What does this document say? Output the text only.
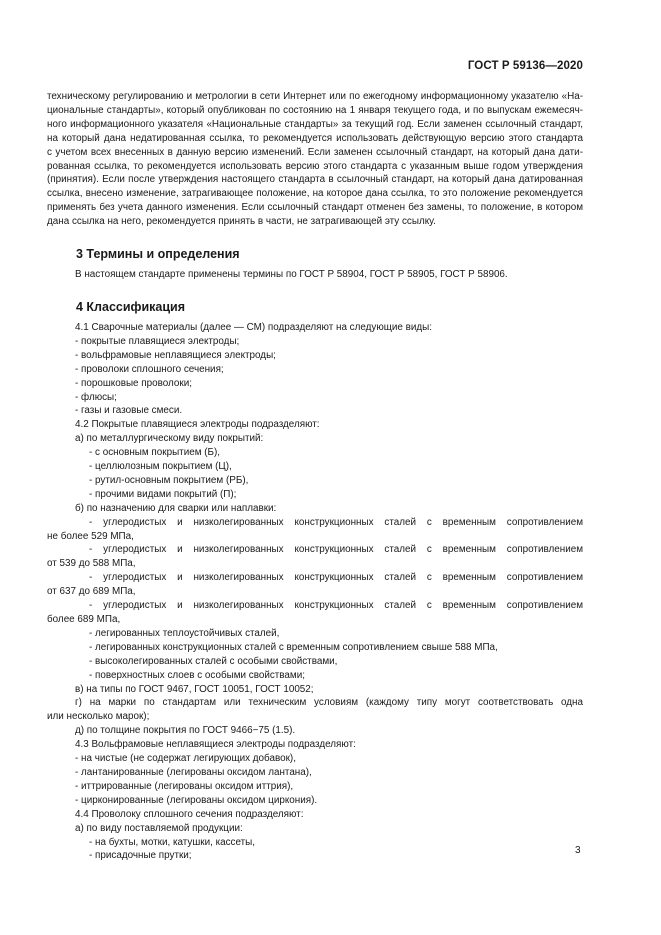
ГОСТ Р 59136—2020

техническому регулированию и метрологии в сети Интернет или по ежегодному информационному указателю «На-

циональные стандарты», который опубликован по состоянию на 1 января текущего года, и по выпускам ежемесяч-

ного информационного указателя «Национальные стандарты» за текущий год. Если заменен ссылочный стандарт,

на который дана недатированная ссылка, то рекомендуется использовать действующую версию этого стандарта

с учетом всех внесенных в данную версию изменений. Если заменен ссылочный стандарт, на который дана дати-

рованная ссылка, то рекомендуется использовать версию этого стандарта с указанным выше годом утверждения

(принятия). Если после утверждения настоящего стандарта в ссылочный стандарт, на который дана датированная

ссылка, внесено изменение, затрагивающее положение, на которое дана ссылка, то это положение рекомендуется

применять без учета данного изменения. Если ссылочный стандарт отменен без замены, то положение, в котором

дана ссылка на него, рекомендуется принять в части, не затрагивающей эту ссылку.

3 Термины и определения

В настоящем стандарте применены термины по ГОСТ Р 58904, ГОСТ Р 58905, ГОСТ Р 58906.

4 Классификация

4.1 Сварочные материалы (далее — СМ) подразделяют на следующие виды:

- покрытые плавящиеся электроды;

- вольфрамовые неплавящиеся электроды;

- проволоки сплошного сечения;

- порошковые проволоки;

- флюсы;

- газы и газовые смеси.

4.2 Покрытые плавящиеся электроды подразделяют:

а) по металлургическому виду покрытий:

- с основным покрытием (Б),

- целлюлозным покрытием (Ц),

- рутил-основным покрытием (РБ),

- прочими видами покрытий (П);

б) по назначению для сварки или наплавки:

- углеродистых и низколегированных конструкционных сталей с временным сопротивлением

не более 529 МПа,

- углеродистых и низколегированных конструкционных сталей с временным сопротивлением

от 539 до 588 МПа,

- углеродистых и низколегированных конструкционных сталей с временным сопротивлением

от 637 до 689 МПа,

- углеродистых и низколегированных конструкционных сталей с временным сопротивлением

более 689 МПа,

- легированных теплоустойчивых сталей,

- легированных конструкционных сталей с временным сопротивлением свыше 588 МПа,

- высоколегированных сталей с особыми свойствами,

- поверхностных слоев с особыми свойствами;

в) на типы по ГОСТ 9467, ГОСТ 10051, ГОСТ 10052;

г) на марки по стандартам или техническим условиям (каждому типу могут соответствовать одна

или несколько марок);

д) по толщине покрытия по ГОСТ 9466−75 (1.5).

4.3 Вольфрамовые неплавящиеся электроды подразделяют:

- на чистые (не содержат легирующих добавок),

- лантанированные (легированы оксидом лантана),

- иттрированные (легированы оксидом иттрия),

- цирконированные (легированы оксидом циркония).

4.4 Проволоку сплошного сечения подразделяют:

а) по виду поставляемой продукции:

- на бухты, мотки, катушки, кассеты,

- присадочные прутки;	3
